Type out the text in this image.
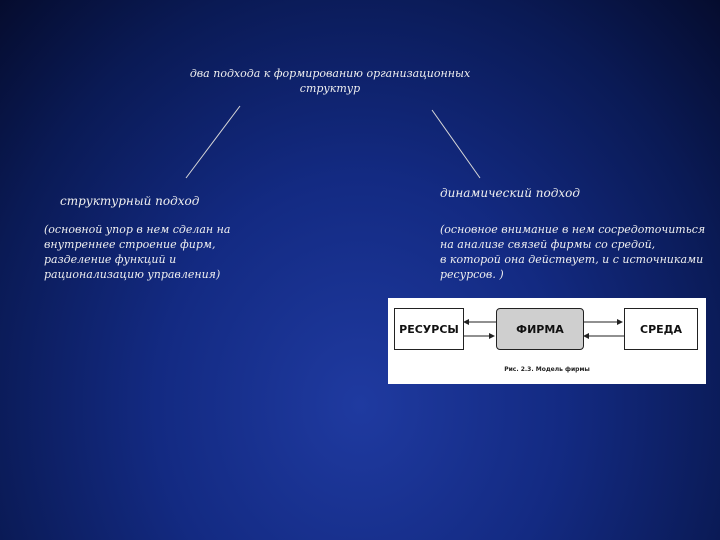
два подхода к формированию организационных структур
структурный подход
(основной упор в нем сделан на
внутреннее строение фирм,
разделение функций и
рационализацию управления)
динамический подход
(основное внимание в нем сосредоточиться
на анализе связей фирмы со средой,
в которой она действует, и с источниками
ресурсов. )
РЕСУРСЫ	ФИРМА	СРЕДА
Рис. 2.3. Модель фирмы
